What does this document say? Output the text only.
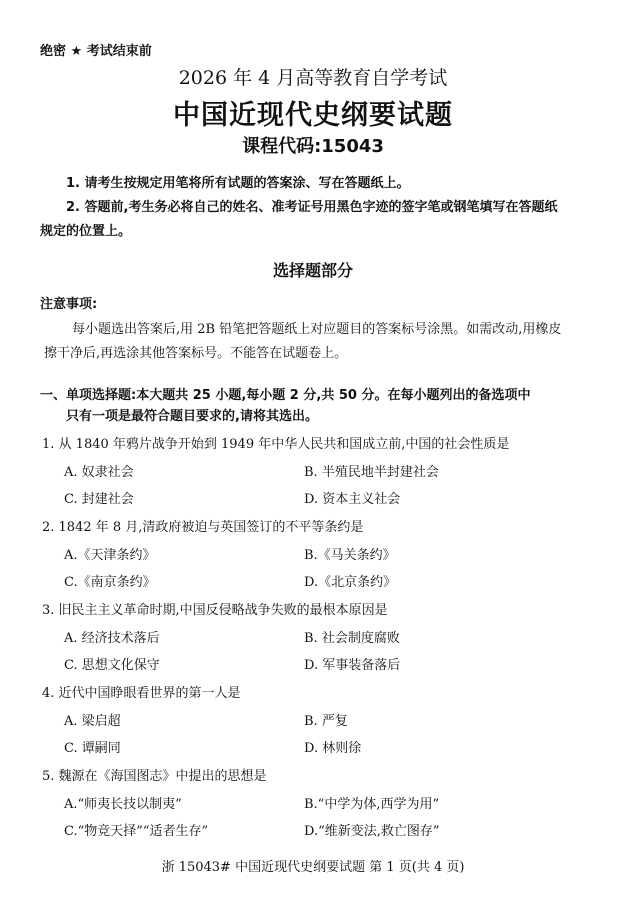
绝密 ★ 考试结束前
2026 年 4 月高等教育自学考试
中国近现代史纲要试题
课程代码:15043
1. 请考生按规定用笔将所有试题的答案涂、写在答题纸上。
2. 答题前,考生务必将自己的姓名、准考证号用黑色字迹的签字笔或钢笔填写在答题纸
规定的位置上。
选择题部分
注意事项:
每小题选出答案后,用 2B 铅笔把答题纸上对应题目的答案标号涂黑。如需改动,用橡皮
擦干净后,再选涂其他答案标号。不能答在试题卷上。
一、单项选择题:本大题共 25 小题,每小题 2 分,共 50 分。在每小题列出的备选项中
只有一项是最符合题目要求的,请将其选出。
1. 从 1840 年鸦片战争开始到 1949 年中华人民共和国成立前,中国的社会性质是
A. 奴隶社会	B. 半殖民地半封建社会
C. 封建社会	D. 资本主义社会
2. 1842 年 8 月,清政府被迫与英国签订的不平等条约是
A.《天津条约》	B.《马关条约》
C.《南京条约》	D.《北京条约》
3. 旧民主主义革命时期,中国反侵略战争失败的最根本原因是
A. 经济技术落后	B. 社会制度腐败
C. 思想文化保守	D. 军事装备落后
4. 近代中国睁眼看世界的第一人是
A. 梁启超	B. 严复
C. 谭嗣同	D. 林则徐
5. 魏源在《海国图志》中提出的思想是
A.“师夷长技以制夷”	B.“中学为体,西学为用”
C.“物竞天择”“适者生存”	D.“维新变法,救亡图存”
浙 15043# 中国近现代史纲要试题 第 1 页(共 4 页)
